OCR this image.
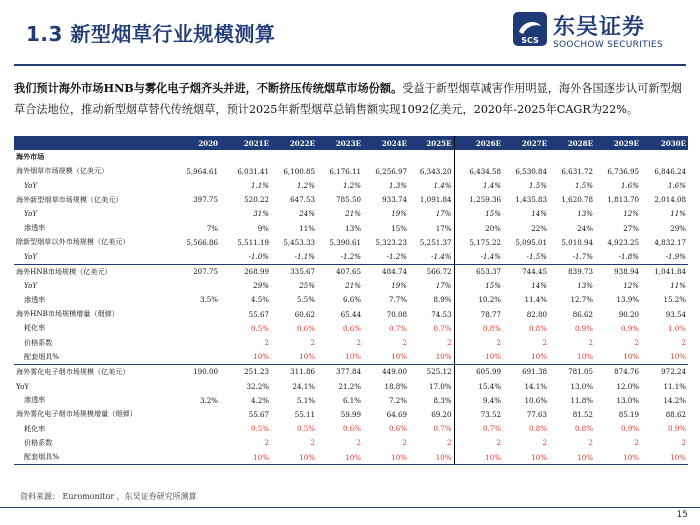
1.3 新型烟草行业规模测算	SCS
东吴证券
SOOCHOW SECURITIES
我们预计海外市场HNB与雾化电子烟齐头并进，不断挤压传统烟草市场份额。受益于新型烟草减害作用明显，海外各国逐步认可新型烟草合法地位，推动新型烟草替代传统烟草，预计2025年新型烟草总销售额实现1092亿美元，2020年-2025年CAGR为22%。
	2020	2021E	2022E	2023E	2024E	2025E	2026E	2027E	2028E	2029E	2030E
海外市场											
海外烟草市场规模（亿美元）	5,964.61	6,031.41	6,100.85	6,176.11	6,256.97	6,343.20	6,434.58	6,530.84	6,631.72	6,736.95	6,846.24
YoY		1.1%	1.2%	1.2%	1.3%	1.4%	1.4%	1.5%	1.5%	1.6%	1.6%
海外新型烟草市场规模（亿美元）	397.75	520.22	647.53	785.50	933.74	1,091.84	1,259.36	1,435.83	1,620.78	1,813.70	2,014.08
YoY		31%	24%	21%	19%	17%	15%	14%	13%	12%	11%
渗透率	7%	9%	11%	13%	15%	17%	20%	22%	24%	27%	29%
除新型烟草以外市场规模（亿美元）	5,566.86	5,511.19	5,453.33	5,390.61	5,323.23	5,251.37	5,175.22	5,095.01	5,010.94	4,923.25	4,832.17
YoY		-1.0%	-1.1%	-1.2%	-1.2%	-1.4%	-1.4%	-1.5%	-1.7%	-1.8%	-1.9%
海外HNB市场规模（亿美元）	207.75	268.99	335.67	407.65	484.74	566.72	653.37	744.45	839.73	938.94	1,041.84
YoY		29%	25%	21%	19%	17%	15%	14%	13%	12%	11%
渗透率	3.5%	4.5%	5.5%	6.6%	7.7%	8.9%	10.2%	11.4%	12.7%	13.9%	15.2%
海外HNB市场规模增量（烟弹）		55.67	60.62	65.44	70.08	74.53	78.77	82.80	86.62	90.20	93.54
耗化率		0.5%	0.6%	0.6%	0.7%	0.7%	0.8%	0.8%	0.9%	0.9%	1.0%
价格系数		2	2	2	2	2	2	2	2	2	2
配套烟具%		10%	10%	10%	10%	10%	10%	10%	10%	10%	10%
海外雾化电子烟市场规模（亿美元）	190.00	251.23	311.86	377.84	449.00	525.12	605.99	691.38	781.05	874.76	972.24
YoY		32.2%	24.1%	21.2%	18.8%	17.0%	15.4%	14.1%	13.0%	12.0%	11.1%
渗透率	3.2%	4.2%	5.1%	6.1%	7.2%	8.3%	9.4%	10.6%	11.8%	13.0%	14.2%
海外雾化电子烟市场规模增量（烟弹）		55.67	55.11	59.99	64.69	69.20	73.52	77.63	81.52	85.19	88.62
耗化率		0.5%	0.5%	0.6%	0.6%	0.7%	0.7%	0.8%	0.8%	0.9%	0.9%
价格系数		2	2	2	2	2	2	2	2	2	2
配套烟具%		10%	10%	10%	10%	10%	10%	10%	10%	10%	10%
资料来源： Euromonitor ，东吴证券研究所测算
15
